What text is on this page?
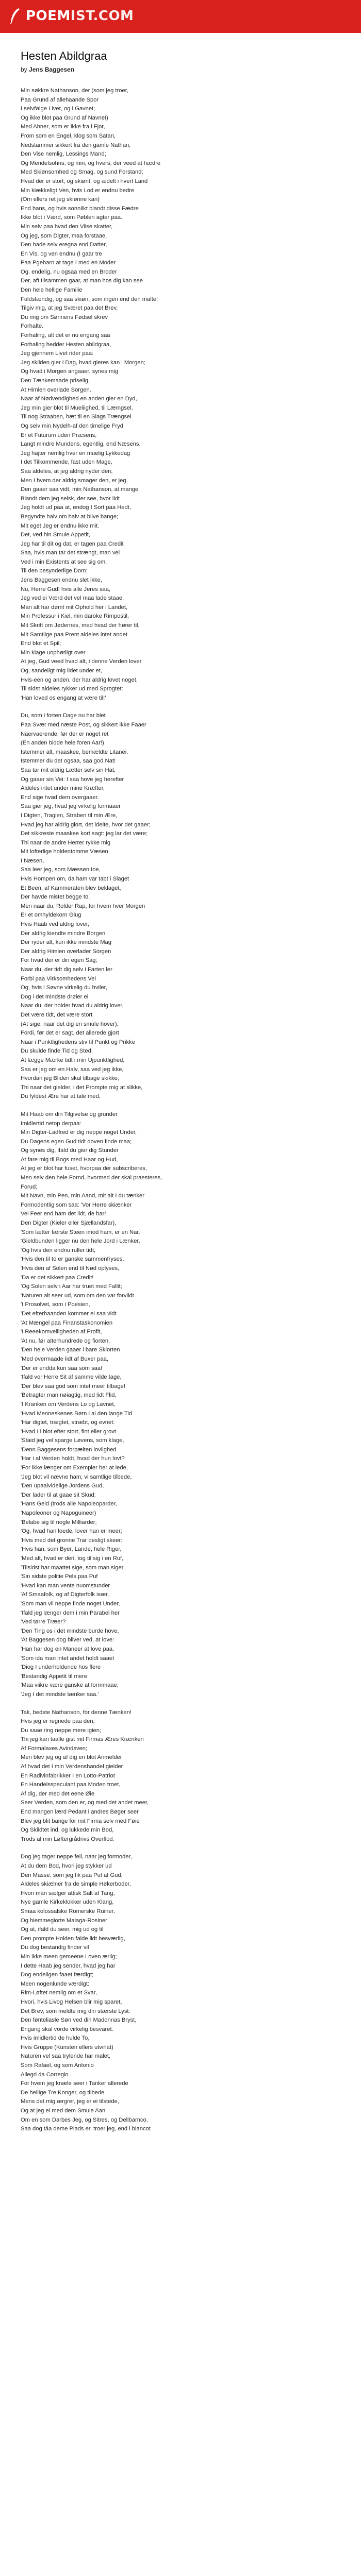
POEM IST.COM
Hesten Abildgraa
by Jens Baggesen
Min søkkre Nathanson, der (som jeg troer,
Paa Grund af allehaande Spor
I selvfølge Livet, og i Gavnet;
Og ikke blot paa Grund af Navnet)
Med Ahner, som er ikke fra i Fjor,
From som en Engel, klog som Satan,
Nedstammer sikkert fra den gamle Nathan,
Den Vise nemlig, Lessings Mand;
Og Mendelsohns, og min, og hvers, der veed at hædre
Med Skiønsomhed og Smag, og sund Forstand;
Hvad der er stort, og skiønt, og ædelt i hvert Land
Min kiækkeligt Ven, hvis Lod er endnu bedre
(Om ellers ret jeg skiønne kan)
End hans, og hvis sonnlikt blandt disse Fædre
Ikke blot i Værd, som Pøblen agter paa.
Min selv paa hvad den Viise skatter,
Og jeg, som Digter, maa forstaae,
Den hade selv eregna end Datter,
En Vis, og ven endnu (I gaar tre
Paa Pgebarn at tage I med en Moder
Og, endelig, nu ogsaa med en Broder
Der, aft tilsammen gaar, at man hos dig kan see
Den hele hellige Familie
Fuldstændig, og saa skiøn, som ingen end den malte!
Tilgiv mig, at jeg Sværet paa det Brev,
Du mig om Sønnens Fødsel skrev
Forhalte.
Forhaling, alt det er nu engang saa
Forhaling hedder Hesten abildgraa,
Jeg gjennem Livet rider paa:
Jeg skilden gier i Dag, hvad gieres kan i Morgen;
Og hvad i Morgen angaaer, synes mig
Den Tænkemaade priselig,
At Himlen overlade Sorgen.
Naar af Nødvendighed en anden gier en Dyd,
Jeg min gier blot til Mueliighed, til Lærngsel,
Til nog Straaben, hæt til en Slags Trængsel
Og selv min Nydelh-af den timelige Fryd
Er et Futurum uden Præsens,
Langt mindre Mundens, egentlig, end Næsens.
Jeg hajter nemlig hver en muelig Lykkedag
I det Tilkommende, fast uden Mage,
Saa aldeles, at jeg aldrig nyder den;
Men I hvem der aldrig smager den, er jeg.
Den gaaer saa vidt, min Nathanson, at mange
Blandt dem jeg selsk, der see, hvor lidt
Jeg holdt ud paa at, endog I Sort paa Hedt,
Begyndte halv om halv at blive bange;
Mit eget Jeg er endnu ikke mit.
Det, ved hin Smule Appetit,
Jeg har til dit og dat, er tagen paa Credit
Saa, hvis man tar det strængt, man vel
Ved i min Existents at see sig om,
Til den besynderlige Dom:
Jens Baggesen endnu slet ikke,
Nu, Herre Gud! hvis alle Jeres saa,
Jeg ved ei Værd det vel maa lade staae.
Man alt har dømt mit Ophold her i Landet,
Min Professur i Kiel, min daroke Rimpostil,
Mit Skrift om Jødernes, med hvad der hører til,
Mit Samtlige paa Prent aldeles intet andet
End blot et Spil;
Min klage uophørligt over
At jeg, Gud veed hvad alt, i denne Verden lover
Og, sandeligt mig lidet under et,
Hvis-een og anden, der har aldrig lovet noget,
Til sidst aldeles rykker ud med Sprogtet:
'Han loved os engang at være til!'
Du, som i forten Dage nu har blet
Paa Svær med næste Post, og sikkert ikke Faaer
Naervaerende, før der er noget ret
(En anden bidde hele foren Aar!)
Istemmer alt, maaskee, bemældte Litanei.
Istemmer du det ogsaa, saa god Nat!
Saa tar mit aldrig Lætter selv sin Hat,
Og gaaer sin Vei: I saa hove jeg herefter
Aldeles intet under mine Kræfter,
End sige hvad dem overgaaer.
Saa gier jeg, hvad jeg virkelig formaaer
I Digten, Tragien, Straben til min Ære,
Hvad jeg har aldrig glort, det idelte, hvor det gaaer;
Det sikkreste maaskee kort sagt: jeg lar det være;
Thi naar de andre Herrer rykke mig
Mit lofterlige holdentomme Væsen
I Næsen,
Saa leer jeg, som Mæssen Ioe,
Hvis Hompen om, da ham var tabt i Slaget
Et Been, af Kammeraten blev beklaget,
Der havde mistet begge to.
Men naar du, Rolder Rap, for hvem hver Morgen
Er et omhyldekorn Glug
Hvis Haab ved aldrig lover,
Der aldrig kiendte mindre Borgen
Der ryder alt, kun ikke mindste Mag
Der aldrig Himlen overlader Sorgen
For hvad der er din egen Sag;
Naar du, der tidt dig selv i Farten ler
Forbi paa Virksomhedens Vei
Og, hvis i Søvne virkelig du hviler,
Dog i det mindste drøier ei
Naar du, der holder hvad du aldrig lover,
Det være tidt, det være stort
(At sige, naar det dig en smule hover),
Fordi, før det er sagt, det allerede gjort
Naar i Punktlighedens stiv til Punkt og Prikke
Du skulde finde Tid og Sted:
At lægge Mærke tidt i min Ujpunktlighed,
Saa er jeg om en Halv, saa ved jeg ikke,
Hvordan jeg Bliden skal tilbage skikke;
Thi naar det gielder, i det Prompte mig at slikke,
Du fyldest Ære har at tale med.
Mit Haab om din Tilgivelse og grunder
Imidlertid netop derpaa:
Min Digter-Ladfred er dig neppe noget Under,
Du Dagens egen Gud tidt doven finde maa;
Og synes dig, ifald du gier dig Stunder
At fare mig til Bogs med Haar og Hud,
At jeg er blot har fuset, hvorpaa der subscriberes,
Men selv den hele Fornd, hvormed der skal praesteres,
Forud;
Mit Navn, min Pen, min Aand, mit alt I du tænker
Formodentlig som saa: 'Vor Herre skiænker
Vel Feer end ham det lidt, de har!
Den Digter (Kieler eller Sjællandsfar),
'Som lætter færste Steen imod ham, er en Nar.
'Gieldbunden ligger nu den hele Jord i Lænker,
'Og hvis den endnu ruller tidt,
'Hvis den til to er ganske sammenfryses,
'Hvis den af Solen end til Nød oplyses,
'Da er det sikkert paa Credit!
'Og Solen selv i Aar har truet med Fallit;
'Naturen alt seer ud, som om den var forvildt.
'I Prosolvet, som i Poesien,
'Det efterhaanden kommer ei saa vidt
'At Mængel paa Finanstaskonomien
'I Reeekomvelligheden af Profit,
'At nu, før alterhundrede og fiorten,
'Den hele Verden gaaer i bare Skiorten
'Med overmaade lidt af Buxer paa,
'Der er endda kun saa som saa!
'Ifald vor Herre Sit af samme vilde tage,
'Der blev saa god som intet meer tilbage!
'Betragter man nøiagtig, med lidt Flid,
'I Kranken om Verdens Lo og Lavnet,
'Hvad Menneskenes Børn i al den lange Tid
'Har digtet, trægtet, stræbt, og evnet:
'Hvad I i blot efter stort, fint eller grovt
'Staid jeg vel sparge Løvens, som klage,
'Denn Baggesens forpælten lovlighed
'Har i al Verden holdt, hvad der hun lovt?
'For ikke længer om Exempler her at lede,
'Jeg blot vil nævne ham, vi samtlige tilbede,
'Den upaalvidelige Jordens Gud,
'Der lader til at gaae sit Skud:
'Hans Geld (trods alle Napoleoparder,
'Napoleoner og Napoguineer)
'Belabe sig til nogle Milliarder;
'Og, hvad han loede, lover han er meer;
'Hvis med det gronne Trar desligt skeer:
'Hvis han, som Byer, Lande, hele Riger,
'Med alt, hvad er deri, tog til sig i en Ruf,
'Tilsidst har maattet sige, som man siger,
'Sin sidste politie Pels paa Puf
'Hvad kan man vente nuomstunder
'Af Smaafolk, og af Digterfolk især,
'Som man vil neppe finde noget Under,
'Ifald jeg længer dem i min Parabel her
'Ved tørre Træer?
'Den Ting os i det mindste burde hove,
'At Baggesen dog bliver ved, at love:
'Han har dog en Maneer at love paa,
'Som ida man intet andet holdt saaet
'Diog I underholdende hos flere
'Bestandig Appetit til mere
'Maa viikre være ganske at formmaae;
'Jeg I det mindste tænker saa.'
Tak, bedste Nathanson, for denne Tænken!
Hvis jeg er regnede paa den,
Du saae ring neppe mere igien;
Thi jeg kan taalle gist mit Firmas Æres Krænken
Af Formalaxes Avindsven;
Men blev jeg og af dig en blot Anmelder
Af hvad det I min Verdenshandel gielder
En Radivinfabrikker I en Lotto-Patriot
En Handelsspeculant paa Moden troet,
Af dig, der med det eene Øie
Seer Verden, som den er, og med det andet meer,
End mangen lærd Pedant i andres Bøger seer
Blev jeg blit bange for mit Firma selv med Føie
Og Skildtet ind, og lukkede min Bod,
Trods al min Løftergrådrivs Overflod.
Dog jeg tager neppe feil, naar jeg formoder,
At du dem Bod, hvori jeg stykker ud
Den Masse, som jeg fik paa Puf af Gud,
Aldeles skiælner fra de simple Høkerboder,
Hvori man sælger attisk Salt af Tang,
Nye gamle Kirkeklokker uden Klang,
Smaa kolossalske Romerske Ruiner,
Og hiemmegiorte Malaga-Rosiner
Og at, ifald du seer, mig ud og til
Den prompte Holden falde lidt besværlig,
Du dog bestandig finder vil
Min ikke meen gemeene Loven ærlig;
I dette Haab jeg sender, hvad jeg har
Dog endeligen faaet færdigt;
Meen nogenlunde værdigt:
Rim-Løftet nemlig om et Svar,
Hvori, hvis Livog Helsen blir mig sparet,
Det Brev, som meldte mig din stærste Lyst:
Den fønteliasle Søn ved din Madonnas Bryst,
Engang skal vorde virkelig besvaret.
Hvis imidlertid de hulde To,
Hvis Gruppe (Kunsten ellers utvirlat)
Naturen vel saa trylende har malet,
Som Rafael, og som Antonio
Allegri da Corregio
For hvem jeg knæle seer i Tanker allerede
De hellige Tre Konger, og tilbede
Mens det mig ærgrer, jeg er ei tilstede,
Og at jeg ei med dem Smule Aan
Om en som Darbes Jeg, og Sitres, og Dellbarnco,
Saa dog tåa deme Plads er, troer jeg, end i blancot
